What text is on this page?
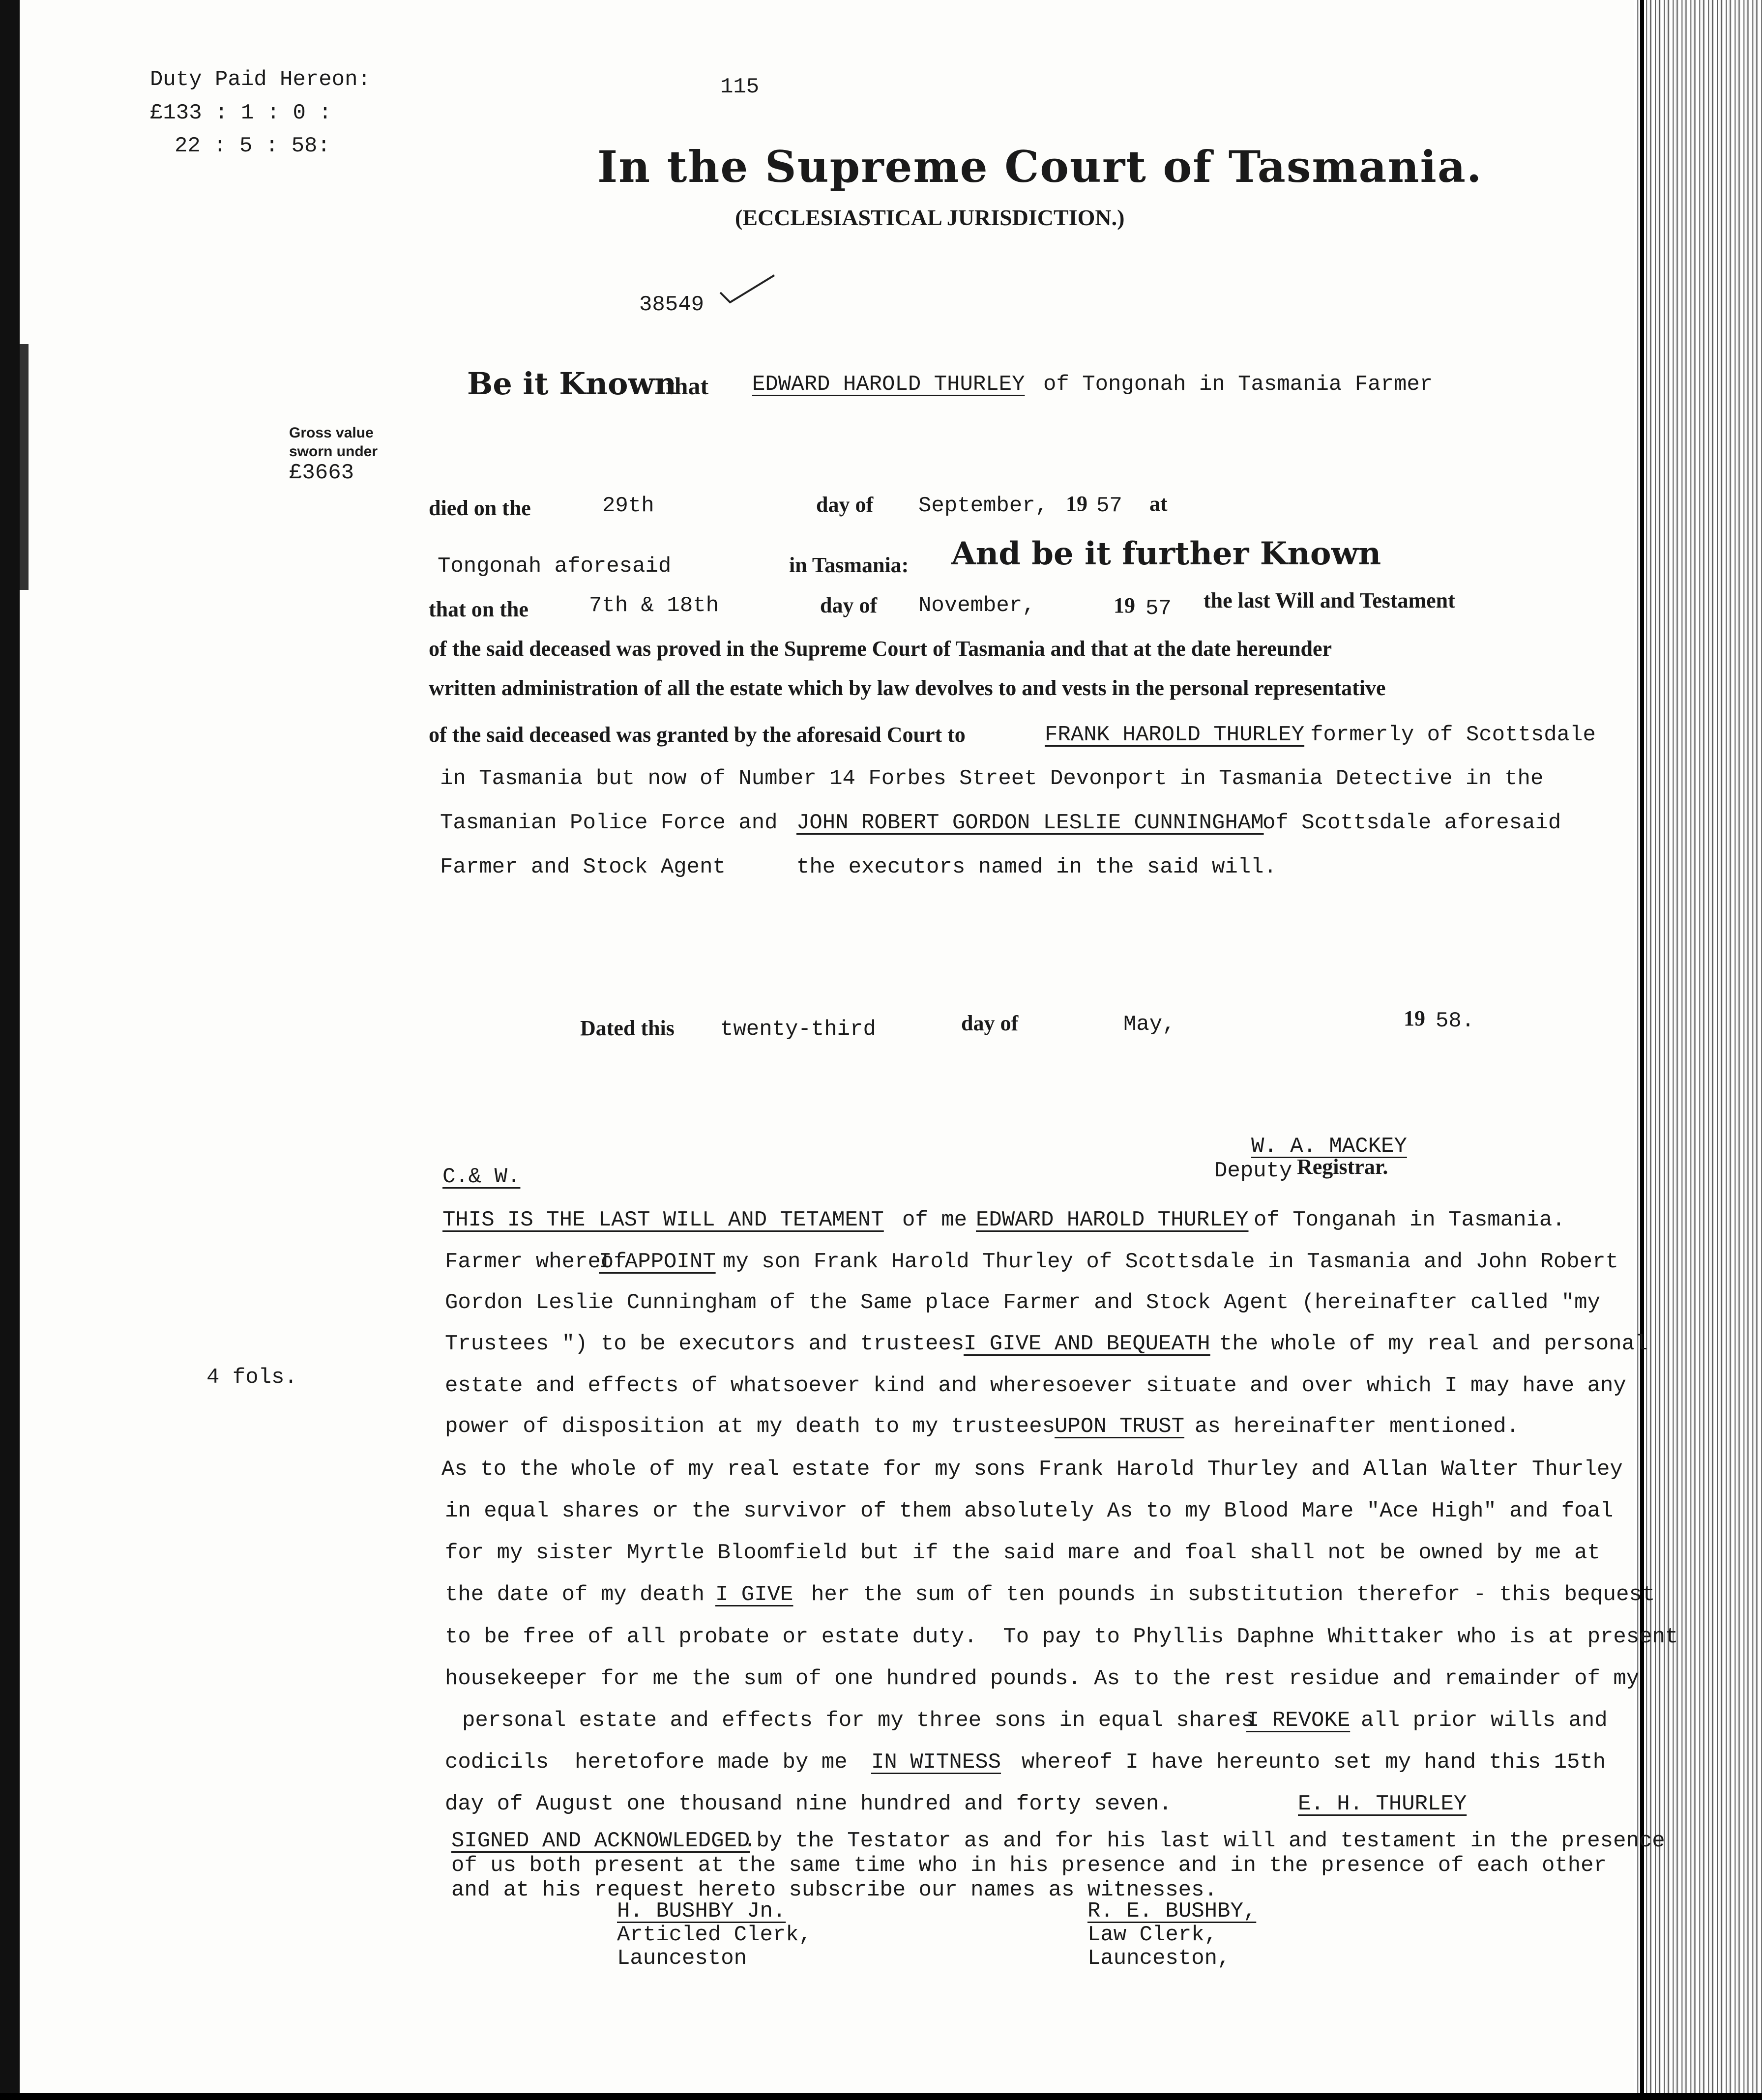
Duty Paid Hereon:
£133 : 1 : 0 :
22 : 5 : 58:
Gross value
sworn under
£3663
4 fols.
115
In the Supreme Court of Tasmania.
(ECCLESIASTICAL JURISDICTION.)
38549
Be it Known
that EDWARD HAROLD THURLEY of Tongonah in Tasmania Farmer
died on the	29th	day of September, 19 57 at
Tongonah aforesaid	in Tasmania: And be it further Known
that on the	7th & 18th	day of November,	19 57 the last Will and Testament
of the said deceased was proved in the Supreme Court of Tasmania and that at the date hereunder
written administration of all the estate which by law devolves to and vests in the personal representative
of the said deceased was granted by the aforesaid Court to	FRANK HAROLD THURLEY formerly of Scottsdale
in Tasmania but now of Number 14 Forbes Street Devonport in Tasmania Detective in the
Tasmanian Police Force and JOHN ROBERT GORDON LESLIE CUNNINGHAM
of Scottsdale aforesaid
Farmer and Stock Agent	the executors named in the said will.
Dated this twenty-third	day of	May,	19 58.
W. A. MACKEY
Deputy Registrar.
C.& W.
THIS IS THE LAST WILL AND TETAMENT of me EDWARD HAROLD THURLEY of Tonganah in Tasmania.
Farmer whereof
I APPOINT my son Frank Harold Thurley of Scottsdale in Tasmania and John Robert
Gordon Leslie Cunningham of the Same place Farmer and Stock Agent (hereinafter called "my
Trustees ") to be executors and trustees
I GIVE AND BEQUEATH the whole of my real and personal
estate and effects of whatsoever kind and wheresoever situate and over which I may have any
power of disposition at my death to my trustees
UPON TRUST as hereinafter mentioned.
As to the whole of my real estate for my sons Frank Harold Thurley and Allan Walter Thurley
in equal shares or the survivor of them absolutely As to my Blood Mare "Ace High" and foal
for my sister Myrtle Bloomfield but if the said mare and foal shall not be owned by me at
the date of my death I GIVE her the sum of ten pounds in substitution therefor - this bequest
to be free of all probate or estate duty.  To pay to Phyllis Daphne Whittaker who is at present
housekeeper for me the sum of one hundred pounds. As to the rest residue and remainder of my
personal estate and effects for my three sons in equal shares
I REVOKE all prior wills and
codicils  heretofore made by me IN WITNESS whereof I have hereunto set my hand this 15th
day of August one thousand nine hundred and forty seven.	E. H. THURLEY
SIGNED AND ACKNOWLEDGED
.by the Testator as and for his last will and testament in the presence
of us both present at the same time who in his presence and in the presence of each other
and at his request hereto subscribe our names as witnesses.
H. BUSHBY Jn.
Articled Clerk,
Launceston
R. E. BUSHBY,
Law Clerk,
Launceston,
